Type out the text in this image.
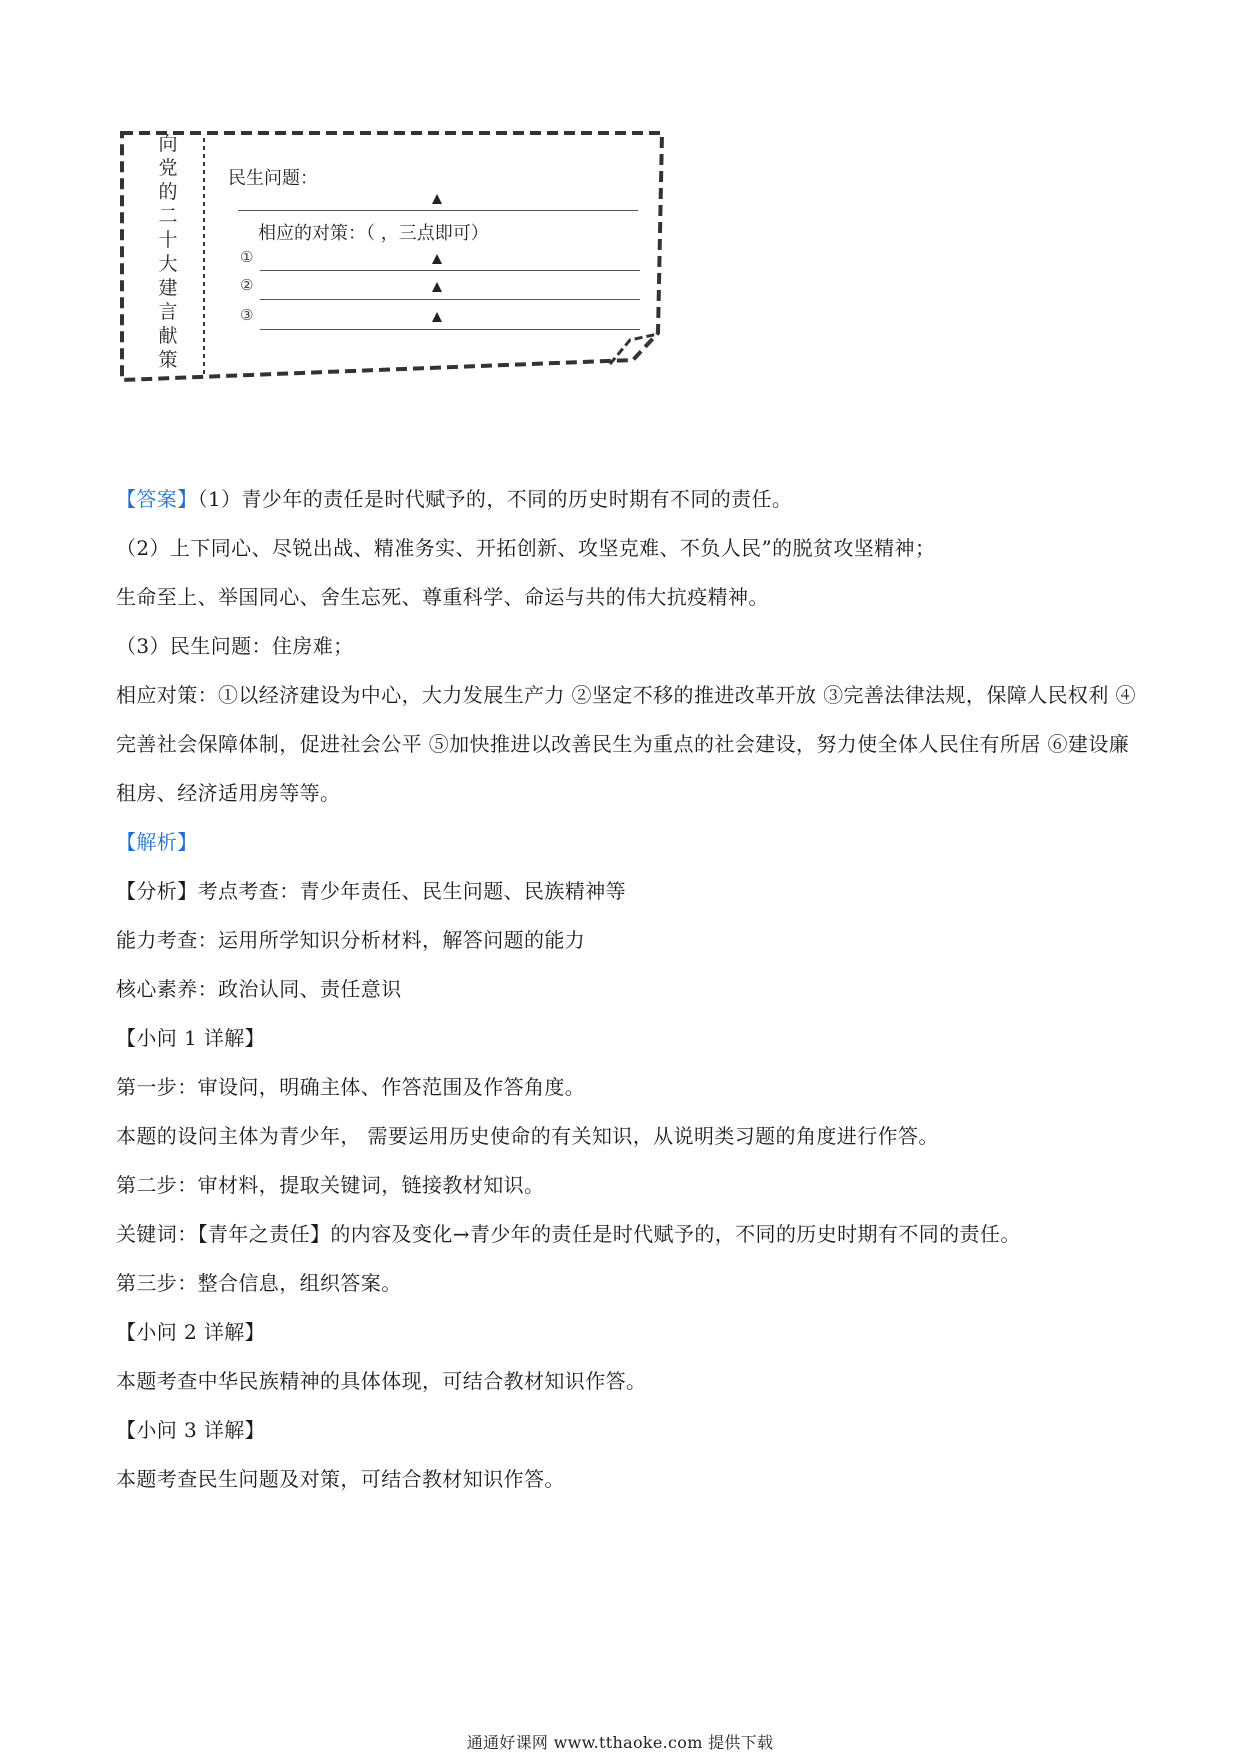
向
党
的
二
十
大
建
言
献
策
民生问题：
相应的对策：（ ，三点即可）
①
②
③

【答案】（1）青少年的责任是时代赋予的，不同的历史时期有不同的责任。

（2）上下同心、尽锐出战、精准务实、开拓创新、攻坚克难、不负人民”的脱贫攻坚精神；

生命至上、举国同心、舍生忘死、尊重科学、命运与共的伟大抗疫精神。

（3）民生问题：住房难；

相应对策：①以经济建设为中心，大力发展生产力 ②坚定不移的推进改革开放 ③完善法律法规，保障人民权利 ④完善社会保障体制，促进社会公平 ⑤加快推进以改善民生为重点的社会建设，努力使全体人民住有所居 ⑥建设廉租房、经济适用房等等。

【解析】

【分析】考点考查：青少年责任、民生问题、民族精神等

能力考查：运用所学知识分析材料，解答问题的能力

核心素养：政治认同、责任意识

【小问 1 详解】

第一步：审设问，明确主体、作答范围及作答角度。

本题的设问主体为青少年， 需要运用历史使命的有关知识，从说明类习题的角度进行作答。

第二步：审材料，提取关键词，链接教材知识。

关键词：【青年之责任】的内容及变化→青少年的责任是时代赋予的，不同的历史时期有不同的责任。

第三步：整合信息，组织答案。

【小问 2 详解】

本题考查中华民族精神的具体体现，可结合教材知识作答。

【小问 3 详解】

本题考查民生问题及对策，可结合教材知识作答。

通通好课网 www.tthaoke.com 提供下载
